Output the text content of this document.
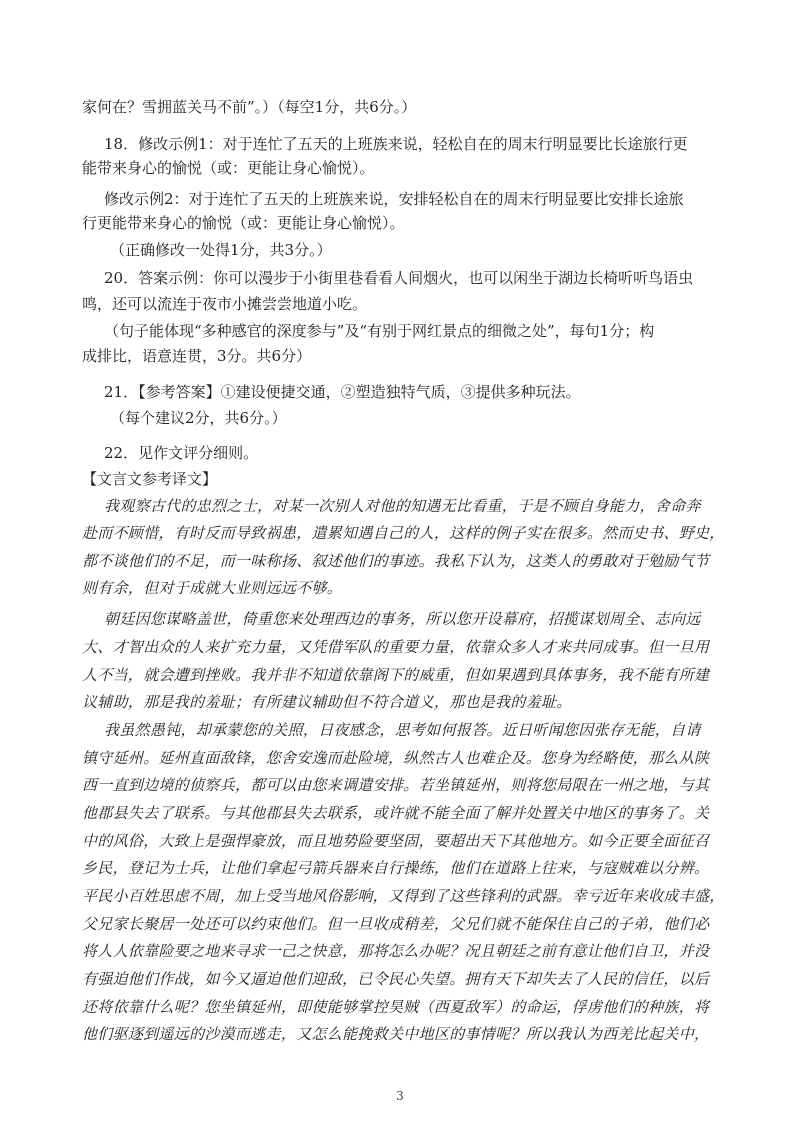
家何在？雪拥蓝关马不前”。）（每空1分，共6分。）
18．修改示例1：对于连忙了五天的上班族来说，轻松自在的周末行明显要比长途旅行更
能带来身心的愉悦（或：更能让身心愉悦）。
修改示例2：对于连忙了五天的上班族来说，安排轻松自在的周末行明显要比安排长途旅
行更能带来身心的愉悦（或：更能让身心愉悦）。
（正确修改一处得1分，共3分。）
20．答案示例：你可以漫步于小街里巷看看人间烟火，也可以闲坐于湖边长椅听听鸟语虫
鸣，还可以流连于夜市小摊尝尝地道小吃。
（句子能体现“多种感官的深度参与”及“有别于网红景点的细微之处”，每句1分；构
成排比，语意连贯，3分。共6分）
21．【参考答案】①建设便捷交通，②塑造独特气质，③提供多种玩法。
（每个建议2分，共6分。）
22．见作文评分细则。
【文言文参考译文】
我观察古代的忠烈之士，对某一次别人对他的知遇无比看重，于是不顾自身能力，舍命奔
赴而不顾惜，有时反而导致祸患，遣累知遇自己的人，这样的例子实在很多。然而史书、野史，
都不谈他们的不足，而一味称扬、叙述他们的事迹。我私下认为，这类人的勇敢对于勉励气节
则有余，但对于成就大业则远远不够。
朝廷因您谋略盖世，倚重您来处理西边的事务，所以您开设幕府，招揽谋划周全、志向远
大、才智出众的人来扩充力量，又凭借军队的重要力量，依靠众多人才来共同成事。但一旦用
人不当，就会遭到挫败。我并非不知道依靠阁下的威重，但如果遇到具体事务，我不能有所建
议辅助，那是我的羞耻；有所建议辅助但不符合道义，那也是我的羞耻。
我虽然愚钝，却承蒙您的关照，日夜感念，思考如何报答。近日听闻您因张存无能，自请
镇守延州。延州直面敌锋，您舍安逸而赴险境，纵然古人也难企及。您身为经略使，那么从陕
西一直到边境的侦察兵，都可以由您来调遣安排。若坐镇延州，则将您局限在一州之地，与其
他郡县失去了联系。与其他郡县失去联系，或许就不能全面了解并处置关中地区的事务了。关
中的风俗，大致上是强悍豪放，而且地势险要坚固，要超出天下其他地方。如今正要全面征召
乡民，登记为士兵，让他们拿起弓箭兵器来自行操练，他们在道路上往来，与寇贼难以分辨。
平民小百姓思虑不周，加上受当地风俗影响，又得到了这些锋利的武器。幸亏近年来收成丰盛，
父兄家长聚居一处还可以约束他们。但一旦收成稍差，父兄们就不能保住自己的子弟，他们必
将人人依靠险要之地来寻求一己之快意，那将怎么办呢？况且朝廷之前有意让他们自卫，并没
有强迫他们作战，如今又逼迫他们迎敌，已令民心失望。拥有天下却失去了人民的信任，以后
还将依靠什么呢？您坐镇延州，即使能够掌控昊贼（西夏敌军）的命运，俘虏他们的种族，将
他们驱逐到遥远的沙漠而逃走，又怎么能挽救关中地区的事情呢？所以我认为西羌比起关中，
3
